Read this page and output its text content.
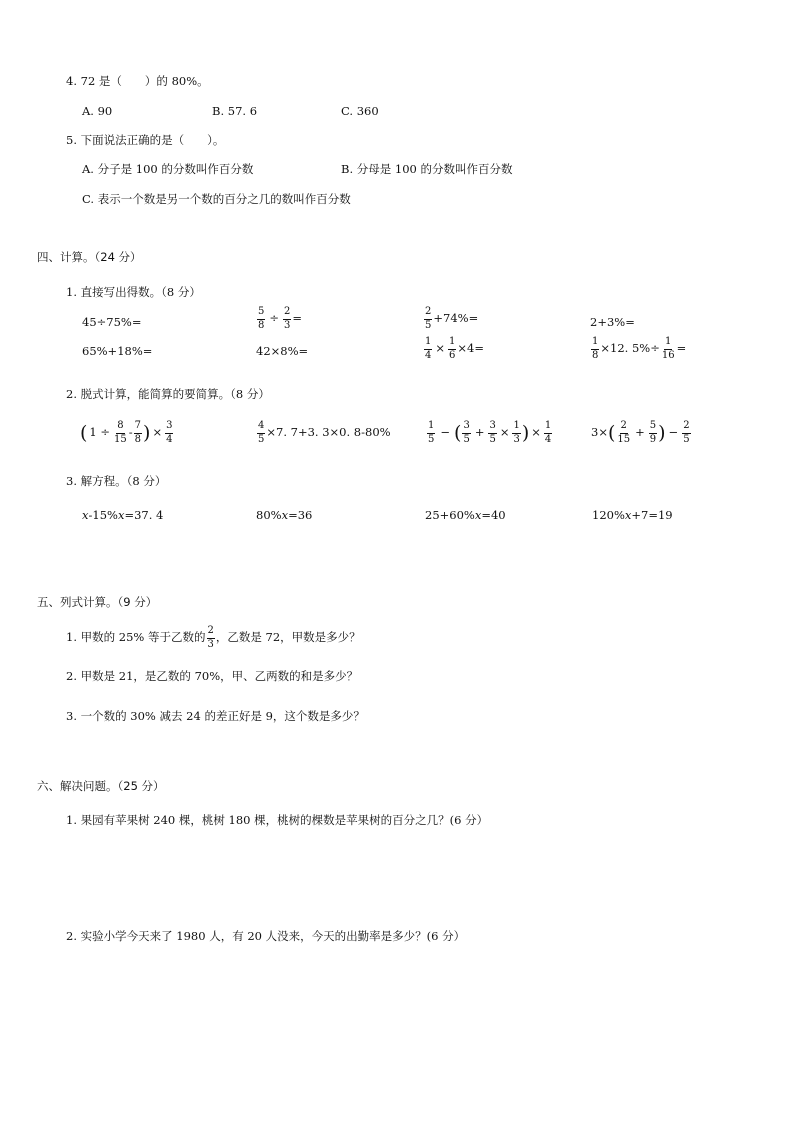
4. 72 是（　　）的 80%。
A. 90	B. 57. 6	C. 360
5. 下面说法正确的是（　　）。
A. 分子是 100 的分数叫作百分数	B. 分母是 100 的分数叫作百分数
C. 表示一个数是另一个数的百分之几的数叫作百分数
四、计算。（24 分）
1. 直接写出得数。（8 分）
45÷75%=	$\frac{5}{8} \div \frac{2}{3}$ =	$\frac{2}{5} +74\%=$	2+3%=
65%+18%=	42×8%=	$\frac{1}{4} \times \frac{1}{6} \times 4=$	$\frac{1}{8} \times 12$. $5\%\div \frac{1}{16}$ =
2. 脱式计算，能简算的要简算。（8 分）
( $1 \div \frac{8}{15} - \frac{7}{8}$ ) × $\frac{3}{4}$	$\frac{4}{5} \times 7$. 7+3. 3×0. 8-80%	$\frac{1}{5}$ − ( $\frac{3}{5} + \frac{3}{5} \times \frac{1}{3}$ ) × $\frac{1}{4}$	3× ( $\frac{2}{15} + \frac{5}{9}$ ) − $\frac{2}{5}$
3. 解方程。（8 分）
x-15%x=37. 4	80%x=36	25+60%x=40	120%x+7=19
五、列式计算。（9 分）
1. 甲数的 25% 等于乙数的 $\frac{2}{3}$ ，乙数是 72，甲数是多少？
2. 甲数是 21，是乙数的 70%，甲、乙两数的和是多少？
3. 一个数的 30% 减去 24 的差正好是 9，这个数是多少？
六、解决问题。（25 分）
1. 果园有苹果树 240 棵，桃树 180 棵，桃树的棵数是苹果树的百分之几？(6 分）
2. 实验小学今天来了 1980 人，有 20 人没来，今天的出勤率是多少？(6 分）
